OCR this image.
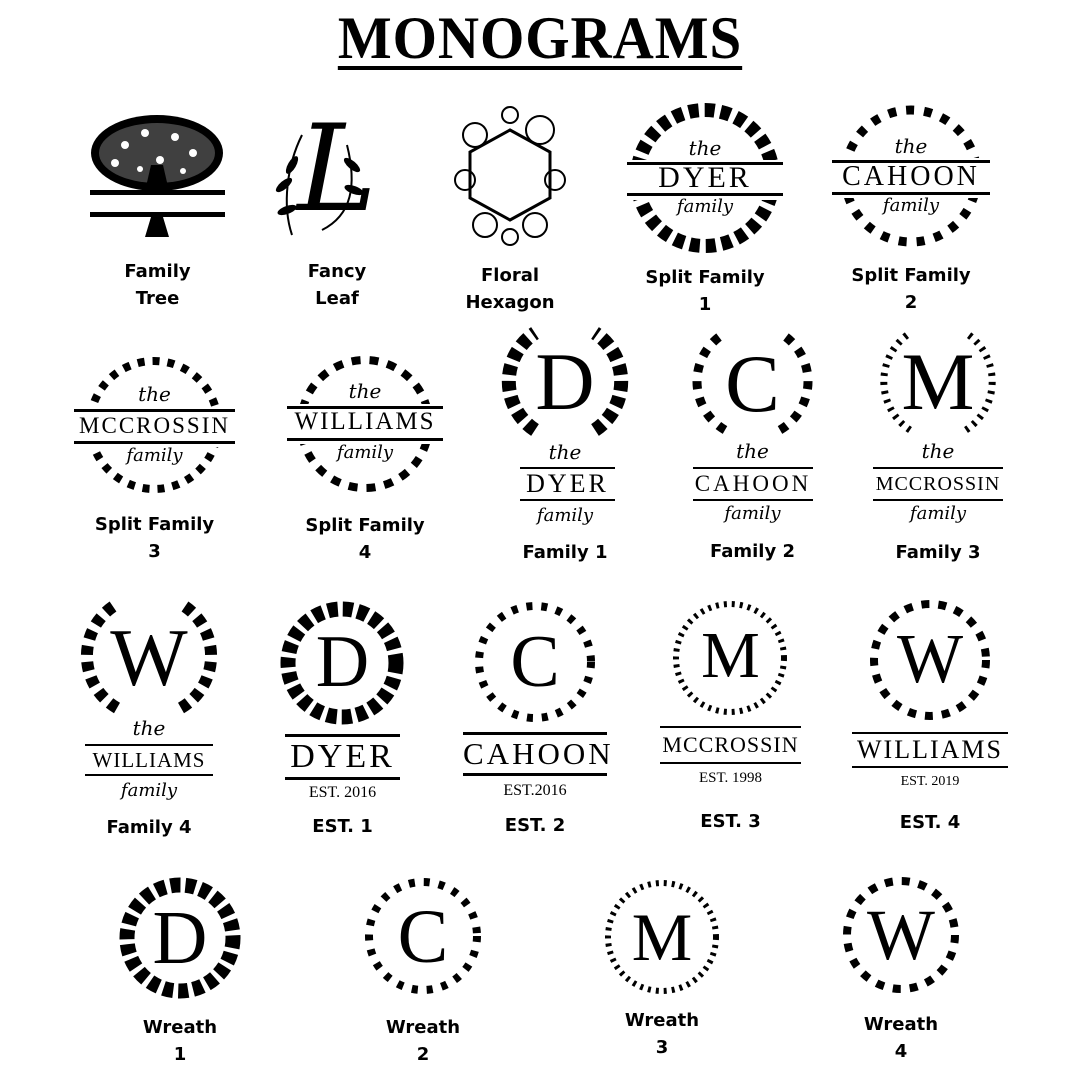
MONOGRAMS
Family
Tree
L
Fancy
Leaf
Floral
Hexagon
the
DYER
family
Split Family
1
the
CAHOON
family
Split Family
2
the
MCCROSSIN
family
Split Family
3
the
WILLIAMS
family
Split Family
4
D
the
DYER
family
Family 1
C
the
CAHOON
family
Family 2
M
the
MCCROSSIN
family
Family 3
W
the
WILLIAMS
family
Family 4
D
DYER
EST. 2016
EST. 1
C
CAHOON
EST.2016
EST. 2
M
MCCROSSIN
EST. 1998
EST. 3
W
WILLIAMS
EST. 2019
EST. 4
D
Wreath
1
C
Wreath
2
M
Wreath
3
W
Wreath
4
